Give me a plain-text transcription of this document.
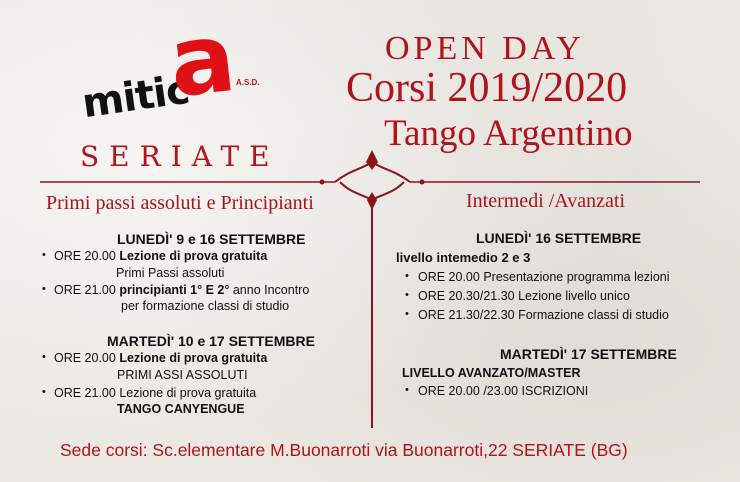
mitic
a
A.S.D.
SERIATE
OPEN DAY
Corsi 2019/2020
Tango Argentino
Primi passi assoluti e Principianti
LUNEDÌ' 9 e 16 SETTEMBRE
• ORE 20.00 Lezione di prova gratuita
Primi Passi assoluti
• ORE 21.00 principianti 1° E 2° anno Incontro
per formazione classi di studio
MARTEDÌ' 10 e 17 SETTEMBRE
• ORE 20.00 Lezione di prova gratuita
PRIMI ASSI ASSOLUTI
• ORE 21.00 Lezione di prova gratuita
TANGO CANYENGUE
Intermedi /Avanzati
LUNEDÌ' 16 SETTEMBRE
livello intemedio 2 e 3
• ORE 20.00 Presentazione programma lezioni
• ORE 20.30/21.30 Lezione livello unico
• ORE 21.30/22.30 Formazione classi di studio
MARTEDÌ' 17 SETTEMBRE
LIVELLO AVANZATO/MASTER
• ORE 20.00 /23.00 ISCRIZIONI
Sede corsi: Sc.elementare M.Buonarroti via Buonarroti,22 SERIATE (BG)
